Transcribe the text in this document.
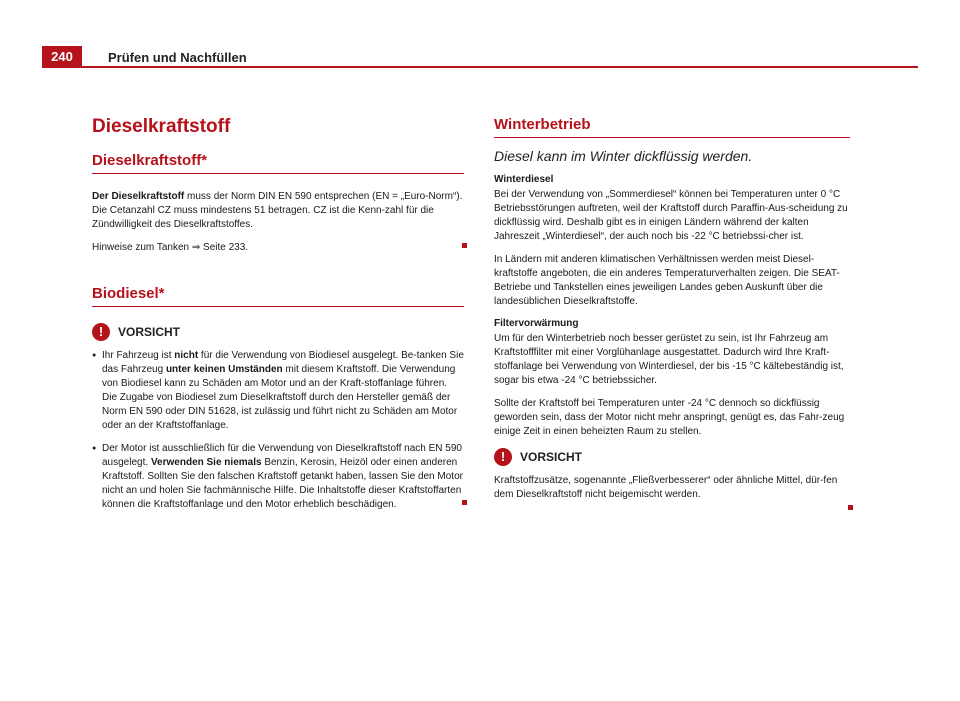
240	Prüfen und Nachfüllen
Dieselkraftstoff
Dieselkraftstoff*

Der Dieselkraftstoff muss der Norm DIN EN 590 entsprechen (EN = „Euro-Norm“). Die Cetanzahl CZ muss mindestens 51 betragen. CZ ist die Kenn-zahl für die Zündwilligkeit des Dieselkraftstoffes.

Hinweise zum Tanken ⇒ Seite 233.

Biodiesel*
!	VORSICHT

● Ihr Fahrzeug ist nicht für die Verwendung von Biodiesel ausgelegt. Be-tanken Sie das Fahrzeug unter keinen Umständen mit diesem Kraftstoff. Die Verwendung von Biodiesel kann zu Schäden am Motor und an der Kraft-stoffanlage führen. Die Zugabe von Biodiesel zum Dieselkraftstoff durch den Hersteller gemäß der Norm EN 590 oder DIN 51628, ist zulässig und führt nicht zu Schäden am Motor oder an der Kraftstoffanlage.

● Der Motor ist ausschließlich für die Verwendung von Dieselkraftstoff nach EN 590 ausgelegt. Verwenden Sie niemals Benzin, Kerosin, Heizöl oder einen anderen Kraftstoff. Sollten Sie den falschen Kraftstoff getankt haben, lassen Sie den Motor nicht an und holen Sie fachmännische Hilfe. Die Inhaltstoffe dieser Kraftstoffarten können die Kraftstoffanlage und den Motor erheblich beschädigen.

Winterbetrieb
Diesel kann im Winter dickflüssig werden.
Winterdiesel

Bei der Verwendung von „Sommerdiesel“ können bei Temperaturen unter 0 °C Betriebsstörungen auftreten, weil der Kraftstoff durch Paraffin-Aus-scheidung zu dickflüssig wird. Deshalb gibt es in einigen Ländern während der kalten Jahreszeit „Winterdiesel“, der auch noch bis -22 °C betriebssi-cher ist.

In Ländern mit anderen klimatischen Verhältnissen werden meist Diesel-kraftstoffe angeboten, die ein anderes Temperaturverhalten zeigen. Die SEAT-Betriebe und Tankstellen eines jeweiligen Landes geben Auskunft über die landesüblichen Dieselkraftstoffe.

Filtervorwärmung

Um für den Winterbetrieb noch besser gerüstet zu sein, ist Ihr Fahrzeug am Kraftstofffilter mit einer Vorglühanlage ausgestattet. Dadurch wird Ihre Kraft-stoffanlage bei Verwendung von Winterdiesel, der bis -15 °C kältebeständig ist, sogar bis etwa -24 °C betriebssicher.

Sollte der Kraftstoff bei Temperaturen unter -24 °C dennoch so dickflüssig geworden sein, dass der Motor nicht mehr anspringt, genügt es, das Fahr-zeug einige Zeit in einen beheizten Raum zu stellen.

!	VORSICHT

Kraftstoffzusätze, sogenannte „Fließverbesserer“ oder ähnliche Mittel, dür-fen dem Dieselkraftstoff nicht beigemischt werden.
